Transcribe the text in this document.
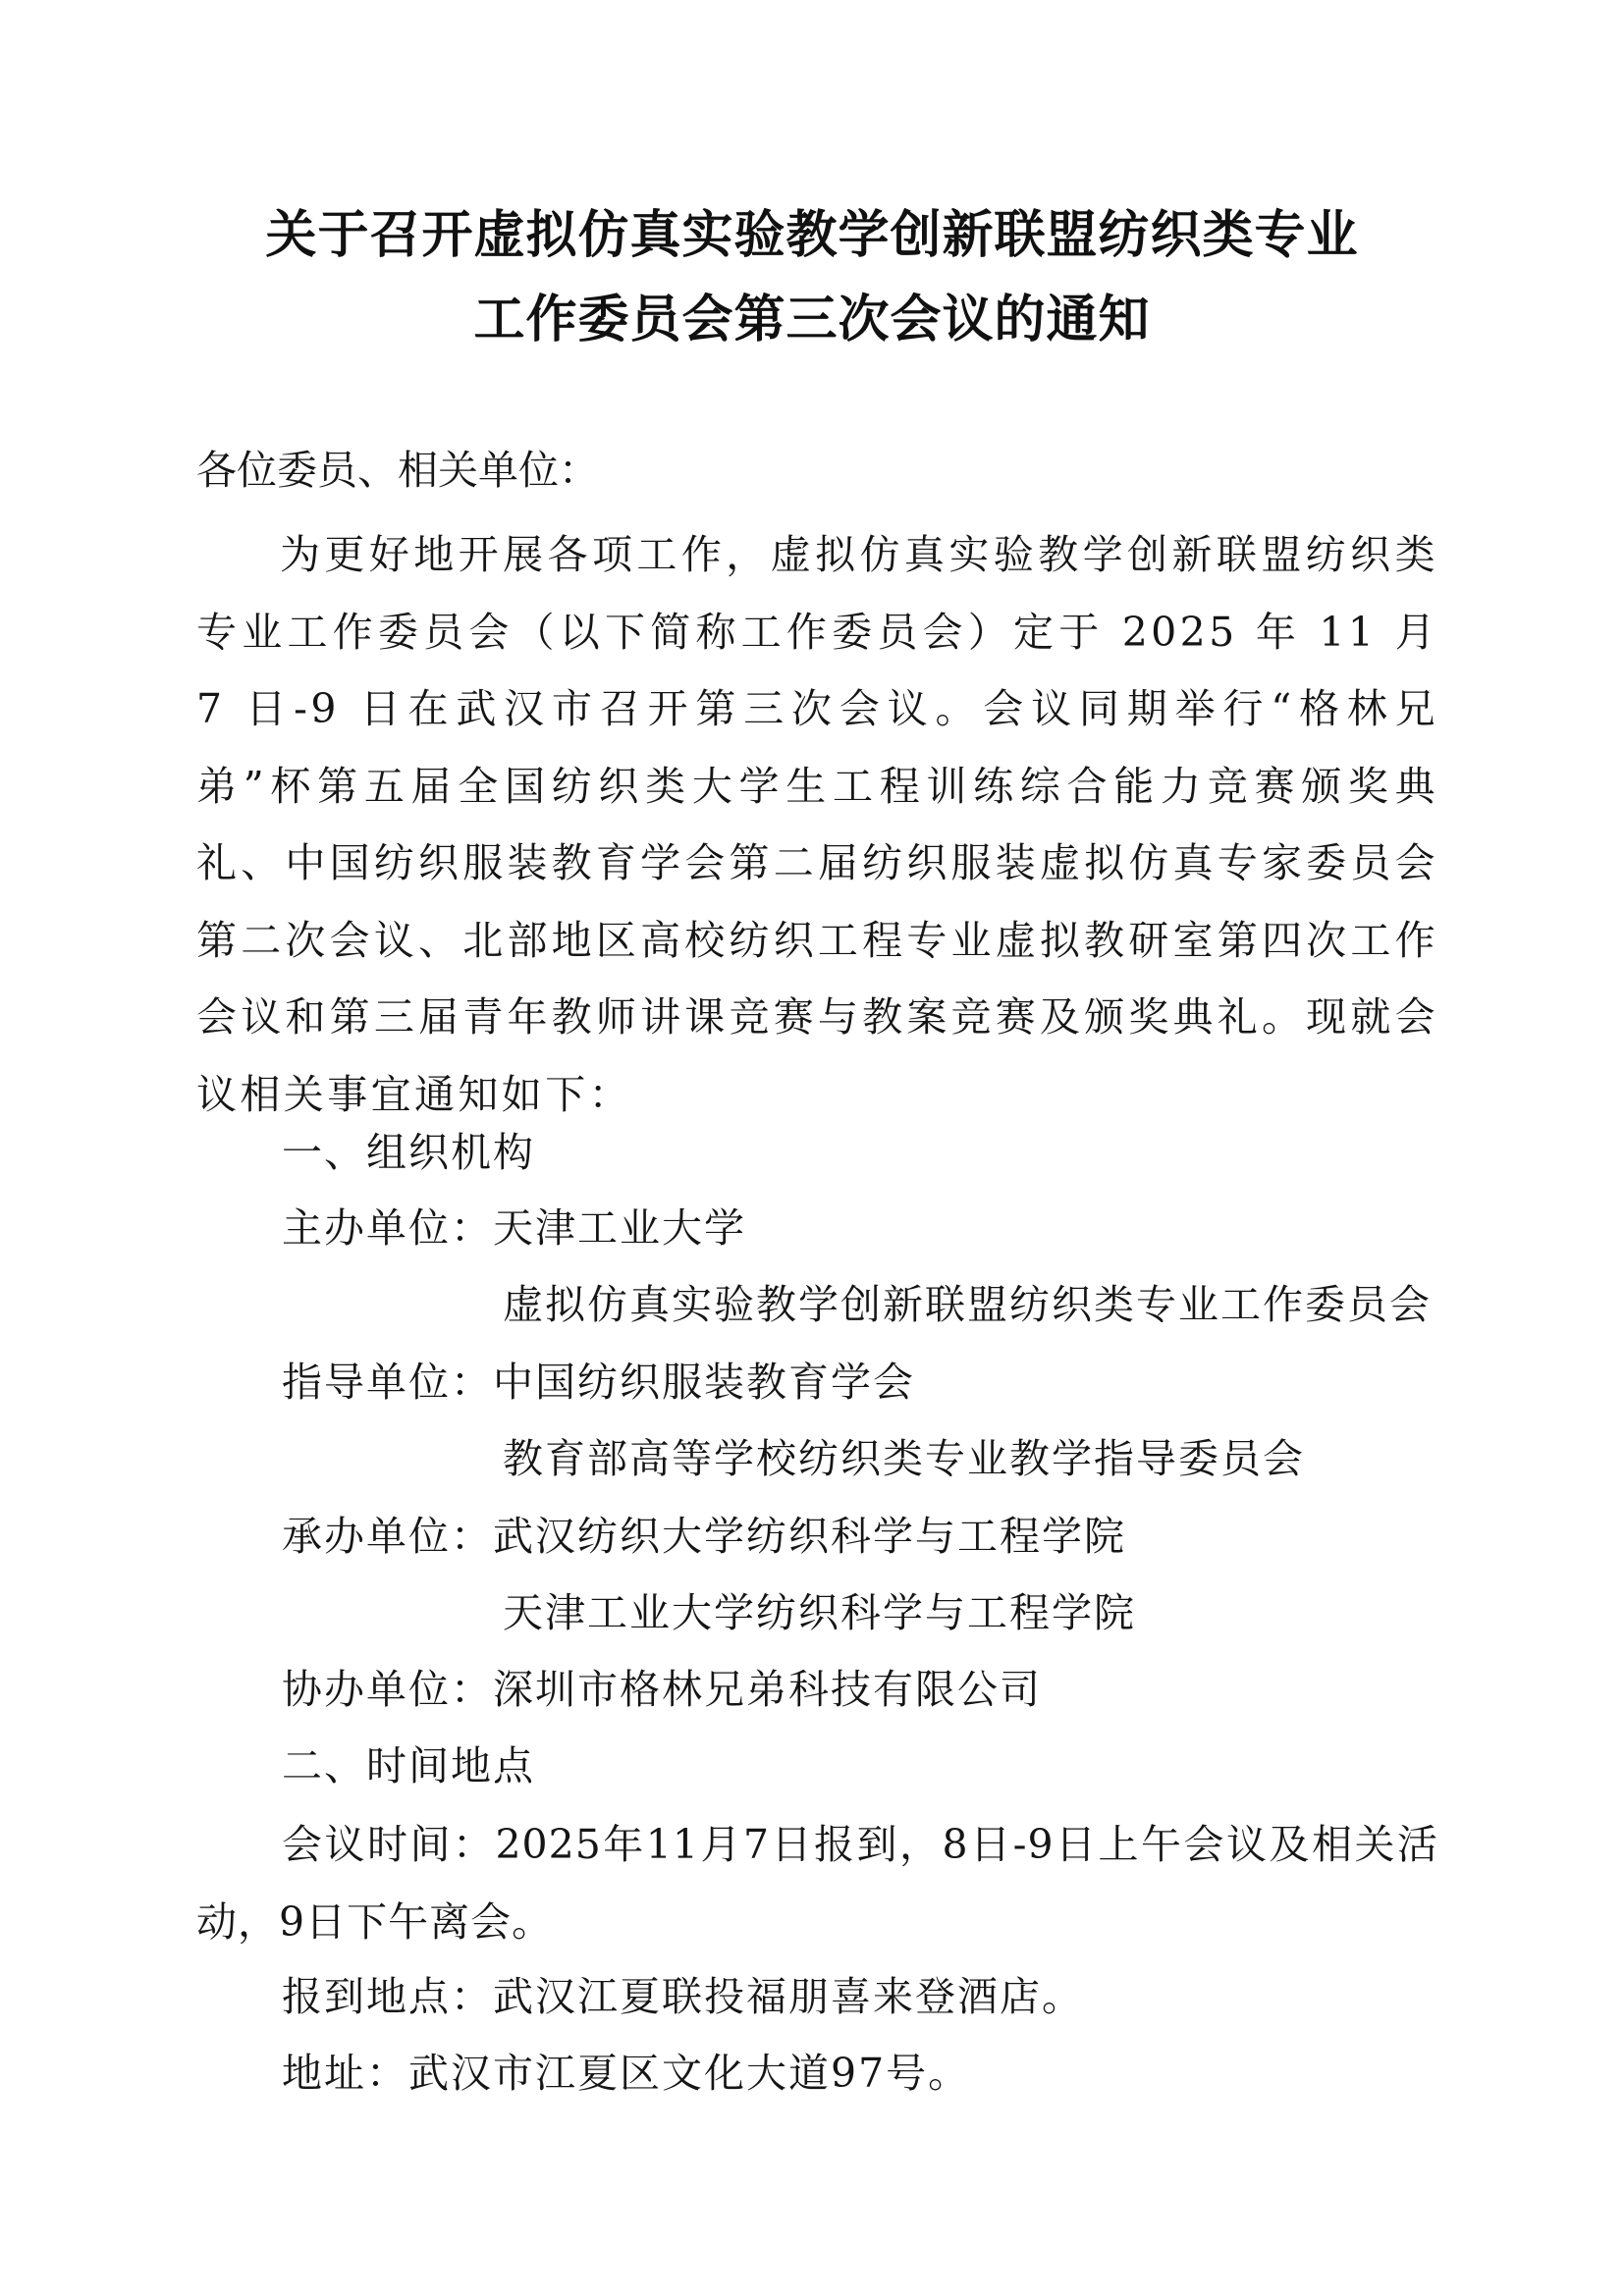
关于召开虚拟仿真实验教学创新联盟纺织类专业
工作委员会第三次会议的通知
各位委员、相关单位：
为更好地开展各项工作，虚拟仿真实验教学创新联盟纺织类专业工作委员会（以下简称工作委员会）定于 2025 年 11 月 7 日-9 日在武汉市召开第三次会议。会议同期举行“格林兄弟”杯第五届全国纺织类大学生工程训练综合能力竞赛颁奖典礼、中国纺织服装教育学会第二届纺织服装虚拟仿真专家委员会第二次会议、北部地区高校纺织工程专业虚拟教研室第四次工作会议和第三届青年教师讲课竞赛与教案竞赛及颁奖典礼。现就会议相关事宜通知如下：
一、组织机构
主办单位：天津工业大学
虚拟仿真实验教学创新联盟纺织类专业工作委员会
指导单位：中国纺织服装教育学会
教育部高等学校纺织类专业教学指导委员会
承办单位：武汉纺织大学纺织科学与工程学院
天津工业大学纺织科学与工程学院
协办单位：深圳市格林兄弟科技有限公司
二、时间地点
会议时间：2025年11月7日报到，8日-9日上午会议及相关活动，9日下午离会。
报到地点：武汉江夏联投福朋喜来登酒店。
地址：武汉市江夏区文化大道97号。
